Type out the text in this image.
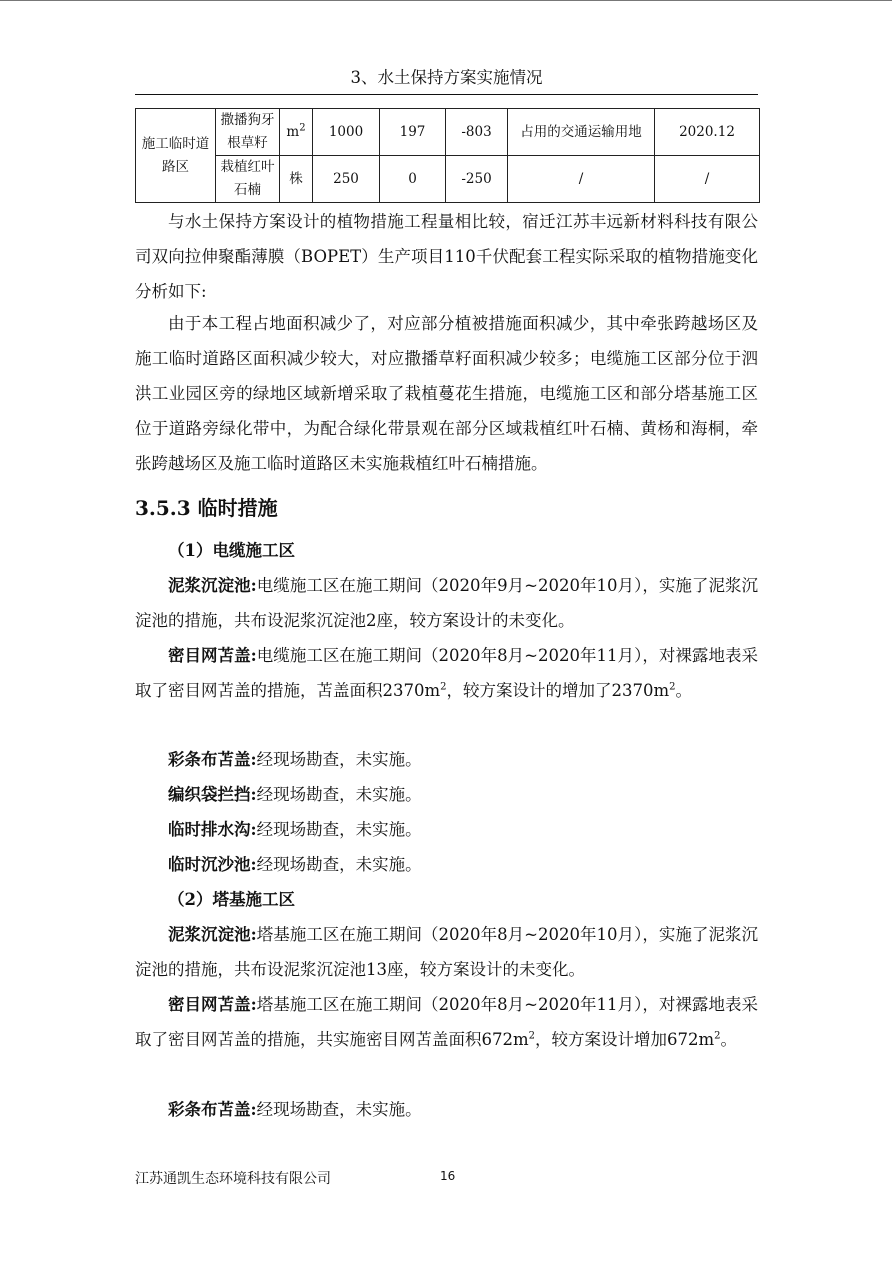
3、水土保持方案实施情况
施工临时道路区	撒播狗牙根草籽	$m^2$	1000	197	-803	占用的交通运输用地	2020.12
	栽植红叶石楠	株	250	0	-250	/	/
与水土保持方案设计的植物措施工程量相比较，宿迁江苏丰远新材料科技有限公司双向拉伸聚酯薄膜（BOPET）生产项目110千伏配套工程实际采取的植物措施变化分析如下:
由于本工程占地面积减少了，对应部分植被措施面积减少，其中牵张跨越场区及施工临时道路区面积减少较大，对应撒播草籽面积减少较多；电缆施工区部分位于泗洪工业园区旁的绿地区域新增采取了栽植蔓花生措施，电缆施工区和部分塔基施工区位于道路旁绿化带中，为配合绿化带景观在部分区域栽植红叶石楠、黄杨和海桐，牵张跨越场区及施工临时道路区未实施栽植红叶石楠措施。
3.5.3 临时措施
（1）电缆施工区
泥浆沉淀池:电缆施工区在施工期间（2020年9月~2020年10月），实施了泥浆沉淀池的措施，共布设泥浆沉淀池2座，较方案设计的未变化。
密目网苫盖:电缆施工区在施工期间（2020年8月~2020年11月），对裸露地表采取了密目网苫盖的措施，苫盖面积$2370m^2$，较方案设计的增加了$2370m^2$。
彩条布苫盖:经现场勘查，未实施。
编织袋拦挡:经现场勘查，未实施。
临时排水沟:经现场勘查，未实施。
临时沉沙池:经现场勘查，未实施。
（2）塔基施工区
泥浆沉淀池:塔基施工区在施工期间（2020年8月~2020年10月），实施了泥浆沉淀池的措施，共布设泥浆沉淀池13座，较方案设计的未变化。
密目网苫盖:塔基施工区在施工期间（2020年8月~2020年11月），对裸露地表采取了密目网苫盖的措施，共实施密目网苫盖面积$672m^2$，较方案设计增加$672m^2$。
彩条布苫盖:经现场勘查，未实施。
江苏通凯生态环境科技有限公司	16
